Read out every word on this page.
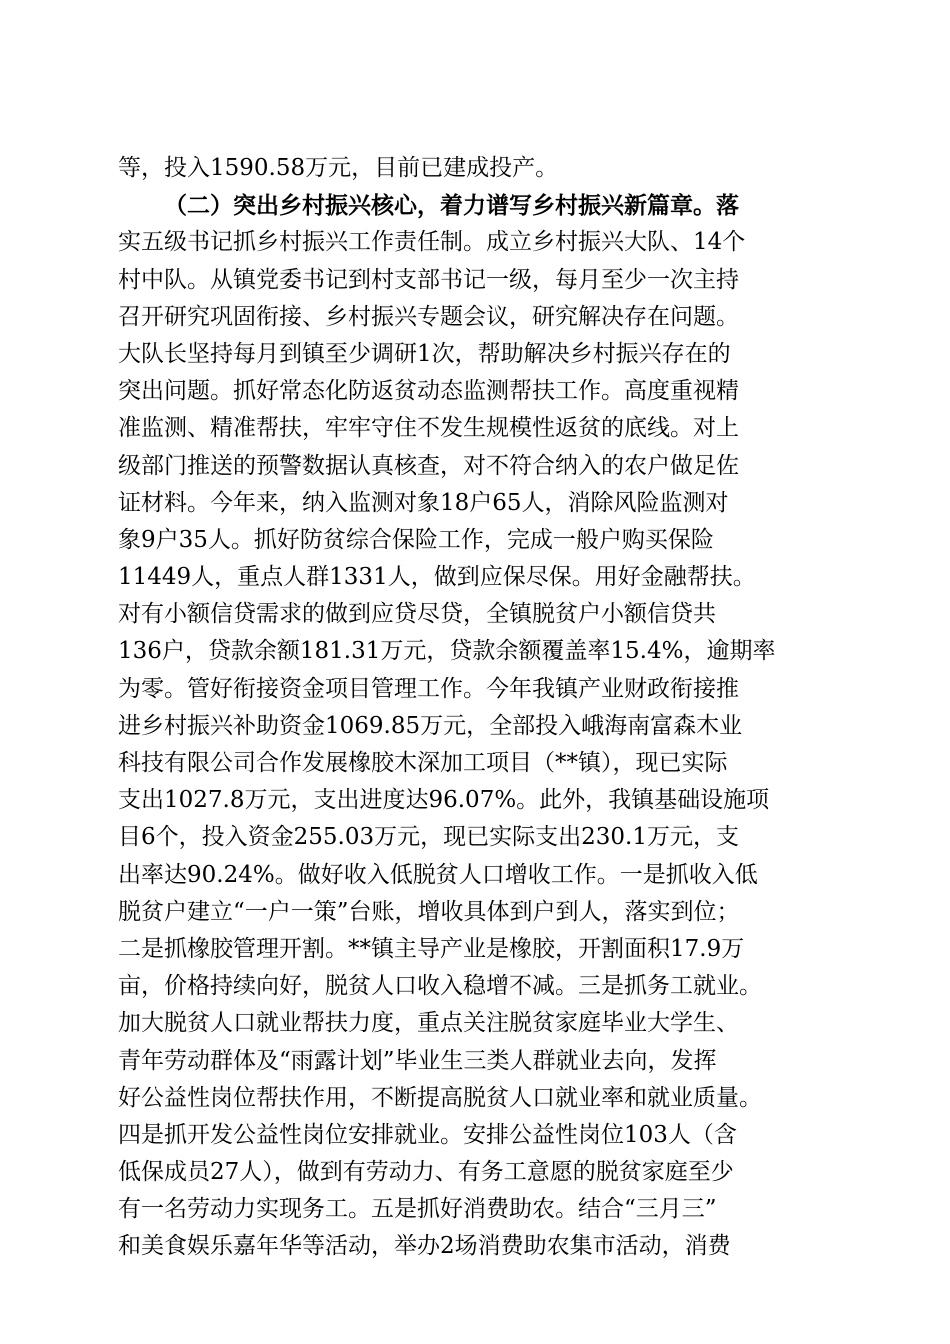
等，投入1590.58万元，目前已建成投产。
（二）突出乡村振兴核心，着力谱写乡村振兴新篇章。落
实五级书记抓乡村振兴工作责任制。成立乡村振兴大队、14个
村中队。从镇党委书记到村支部书记一级，每月至少一次主持
召开研究巩固衔接、乡村振兴专题会议，研究解决存在问题。
大队长坚持每月到镇至少调研1次，帮助解决乡村振兴存在的
突出问题。抓好常态化防返贫动态监测帮扶工作。高度重视精
准监测、精准帮扶，牢牢守住不发生规模性返贫的底线。对上
级部门推送的预警数据认真核查，对不符合纳入的农户做足佐
证材料。今年来，纳入监测对象18户65人，消除风险监测对
象9户35人。抓好防贫综合保险工作，完成一般户购买保险
11449人，重点人群1331人，做到应保尽保。用好金融帮扶。
对有小额信贷需求的做到应贷尽贷，全镇脱贫户小额信贷共
136户，贷款余额181.31万元，贷款余额覆盖率15.4%，逾期率
为零。管好衔接资金项目管理工作。今年我镇产业财政衔接推
进乡村振兴补助资金1069.85万元，全部投入峨海南富森木业
科技有限公司合作发展橡胶木深加工项目（**镇），现已实际
支出1027.8万元，支出进度达96.07%。此外，我镇基础设施项
目6个，投入资金255.03万元，现已实际支出230.1万元，支
出率达90.24%。做好收入低脱贫人口增收工作。一是抓收入低
脱贫户建立“一户一策”台账，增收具体到户到人，落实到位；
二是抓橡胶管理开割。**镇主导产业是橡胶，开割面积17.9万
亩，价格持续向好，脱贫人口收入稳增不减。三是抓务工就业。
加大脱贫人口就业帮扶力度，重点关注脱贫家庭毕业大学生、
青年劳动群体及“雨露计划”毕业生三类人群就业去向，发挥
好公益性岗位帮扶作用，不断提高脱贫人口就业率和就业质量。
四是抓开发公益性岗位安排就业。安排公益性岗位103人（含
低保成员27人），做到有劳动力、有务工意愿的脱贫家庭至少
有一名劳动力实现务工。五是抓好消费助农。结合“三月三”
和美食娱乐嘉年华等活动，举办2场消费助农集市活动，消费
